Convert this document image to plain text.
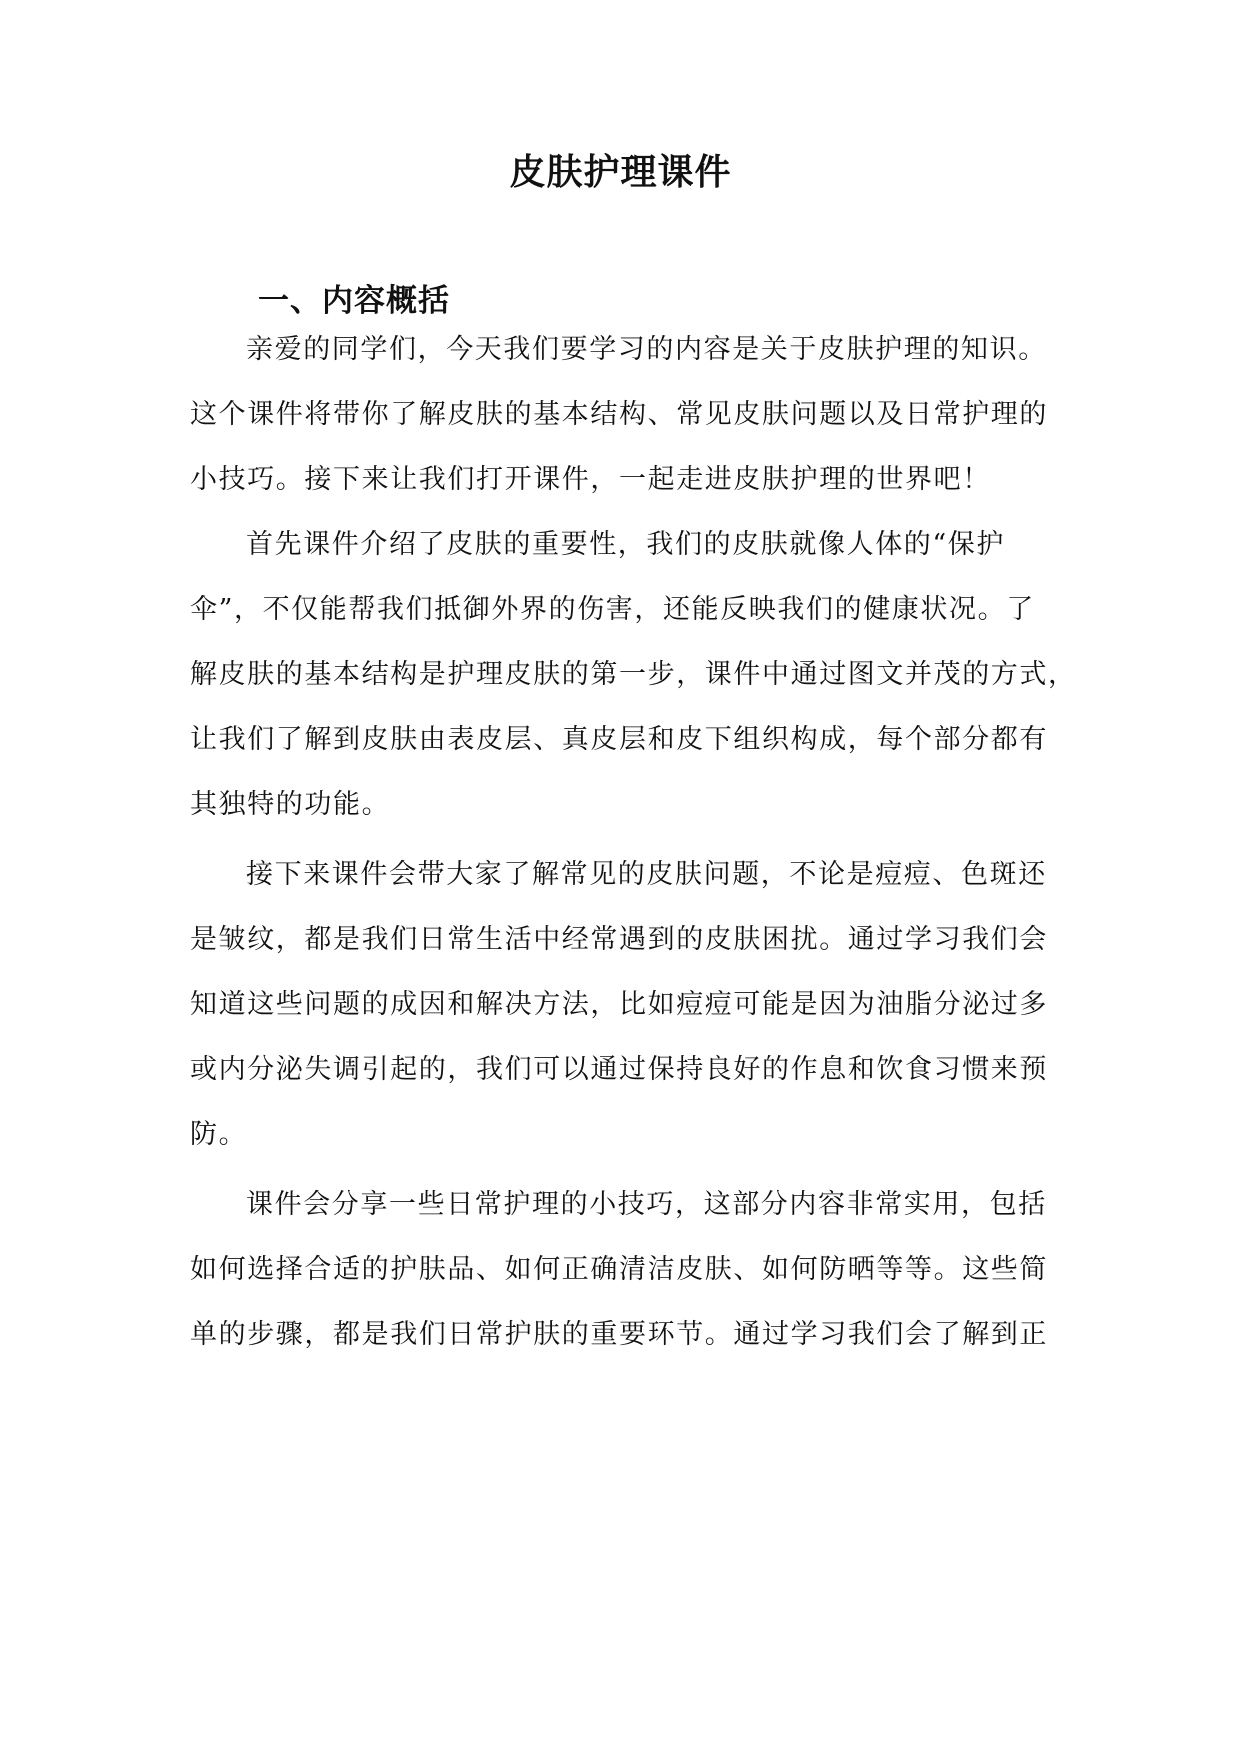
皮肤护理课件
一、内容概括
亲爱的同学们，今天我们要学习的内容是关于皮肤护理的知识。
这个课件将带你了解皮肤的基本结构、常见皮肤问题以及日常护理的
小技巧。接下来让我们打开课件，一起走进皮肤护理的世界吧！
首先课件介绍了皮肤的重要性，我们的皮肤就像人体的“保护
伞”，不仅能帮我们抵御外界的伤害，还能反映我们的健康状况。了
解皮肤的基本结构是护理皮肤的第一步，课件中通过图文并茂的方式，
让我们了解到皮肤由表皮层、真皮层和皮下组织构成，每个部分都有
其独特的功能。
接下来课件会带大家了解常见的皮肤问题，不论是痘痘、色斑还
是皱纹，都是我们日常生活中经常遇到的皮肤困扰。通过学习我们会
知道这些问题的成因和解决方法，比如痘痘可能是因为油脂分泌过多
或内分泌失调引起的，我们可以通过保持良好的作息和饮食习惯来预
防。
课件会分享一些日常护理的小技巧，这部分内容非常实用，包括
如何选择合适的护肤品、如何正确清洁皮肤、如何防晒等等。这些简
单的步骤，都是我们日常护肤的重要环节。通过学习我们会了解到正
